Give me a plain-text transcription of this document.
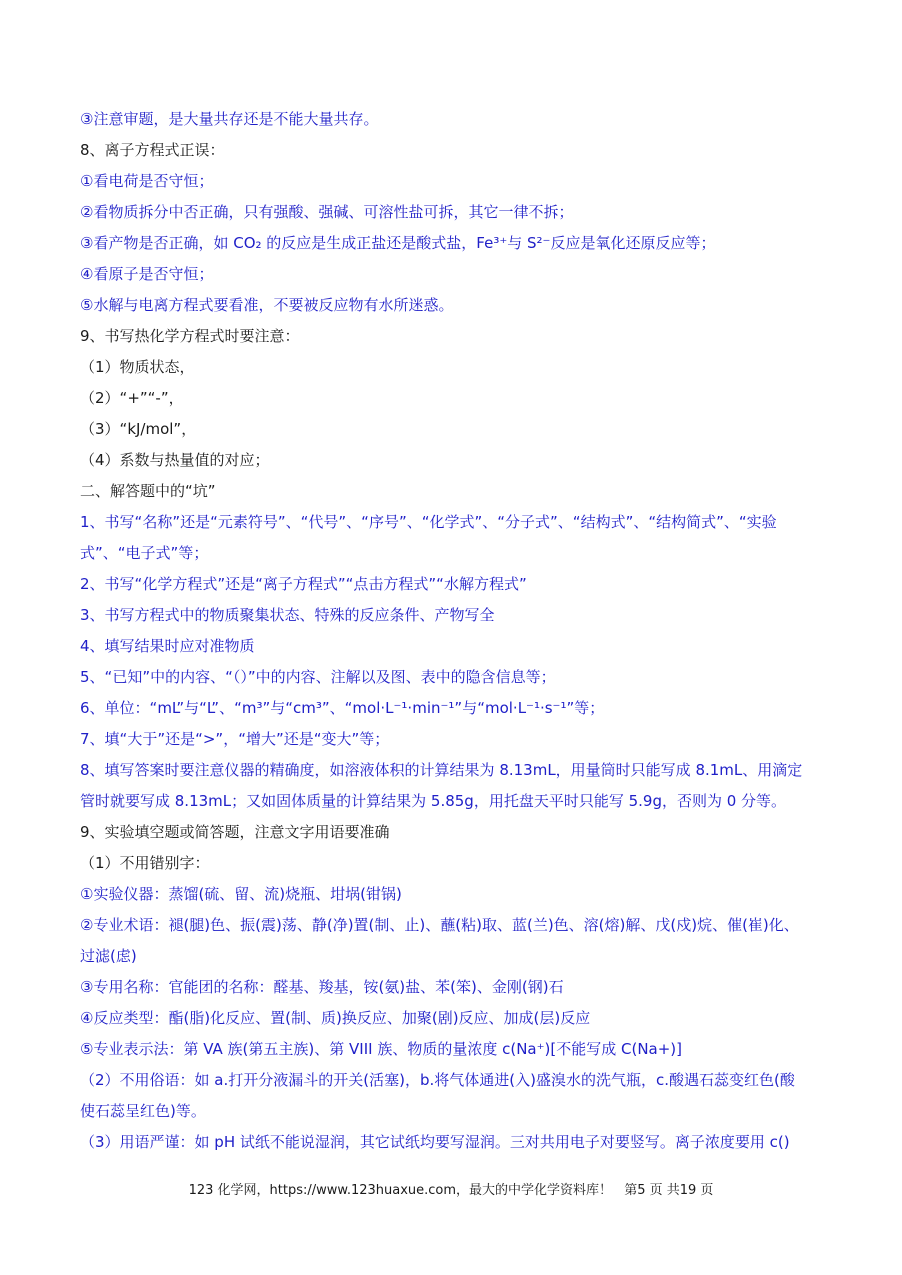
③注意审题，是大量共存还是不能大量共存。
8、离子方程式正误：
①看电荷是否守恒；
②看物质拆分中否正确，只有强酸、强碱、可溶性盐可拆，其它一律不拆；
③看产物是否正确，如 CO₂ 的反应是生成正盐还是酸式盐，Fe³⁺与 S²⁻反应是氧化还原反应等；
④看原子是否守恒；
⑤水解与电离方程式要看准，不要被反应物有水所迷惑。
9、书写热化学方程式时要注意：
（1）物质状态，
（2）“+”“-”，
（3）“kJ/mol”，
（4）系数与热量值的对应；
二、解答题中的“坑”
1、书写“名称”还是“元素符号”、“代号”、“序号”、“化学式”、“分子式”、“结构式”、“结构简式”、“实验
式”、“电子式”等；
2、书写“化学方程式”还是“离子方程式”“点击方程式”“水解方程式”
3、书写方程式中的物质聚集状态、特殊的反应条件、产物写全
4、填写结果时应对准物质
5、“已知”中的内容、“（）”中的内容、注解以及图、表中的隐含信息等；
6、单位：“mL”与“L”、“m³”与“cm³”、“mol·L⁻¹·min⁻¹”与“mol·L⁻¹·s⁻¹”等；
7、填“大于”还是“>”，“增大”还是“变大”等；
8、填写答案时要注意仪器的精确度，如溶液体积的计算结果为 8.13mL，用量筒时只能写成 8.1mL、用滴定
管时就要写成 8.13mL；又如固体质量的计算结果为 5.85g，用托盘天平时只能写 5.9g，否则为 0 分等。
9、实验填空题或简答题，注意文字用语要准确
（1）不用错别字：
①实验仪器：蒸馏(硫、留、流)烧瓶、坩埚(钳锅)
②专业术语：褪(腿)色、振(震)荡、静(净)置(制、止)、蘸(粘)取、蓝(兰)色、溶(熔)解、戊(戍)烷、催(崔)化、
过滤(虑)
③专用名称：官能团的名称：醛基、羧基，铵(氨)盐、苯(笨)、金刚(钢)石
④反应类型：酯(脂)化反应、置(制、质)换反应、加聚(剧)反应、加成(层)反应
⑤专业表示法：第 VA 族(第五主族)、第 VIII 族、物质的量浓度 c(Na⁺)[不能写成 C(Na+)]
（2）不用俗语：如 a.打开分液漏斗的开关(活塞)，b.将气体通进(入)盛溴水的洗气瓶，c.酸遇石蕊变红色(酸
使石蕊呈红色)等。
（3）用语严谨：如 pH 试纸不能说湿润，其它试纸均要写湿润。三对共用电子对要竖写。离子浓度要用 c()
123 化学网，https://www.123huaxue.com，最大的中学化学资料库！ 第5 页 共19 页
